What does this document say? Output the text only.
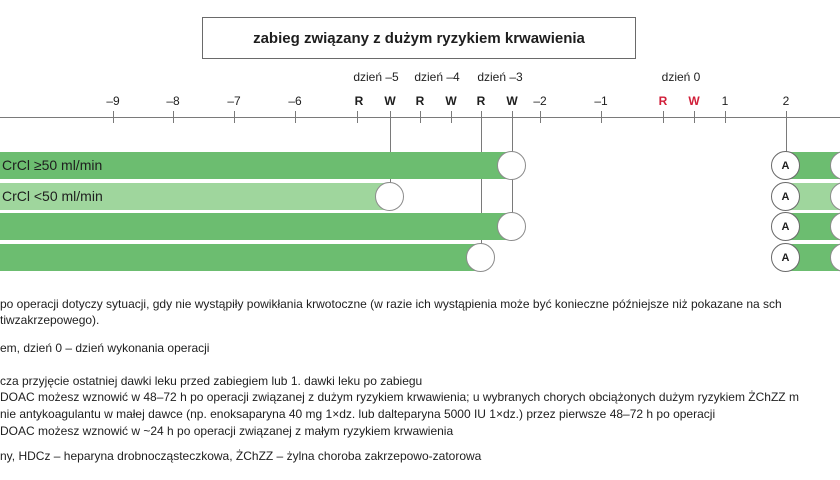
zabieg związany z dużym ryzykiem krwawienia
dzień –5 dzień –4 dzień –3	dzień 0
–9	–8	–7	–6	R W R W R W –2	–1	R W 1	2
CrCl ≥50 ml/min
CrCl <50 ml/min
A
A
A
A
po operacji dotyczy sytuacji, gdy nie wystąpiły powikłania krwotoczne (w razie ich wystąpienia może być konieczne późniejsze niż pokazane na sch
tiwzakrzepowego).
em, dzień 0 – dzień wykonania operacji
cza przyjęcie ostatniej dawki leku przed zabiegiem lub 1. dawki leku po zabiegu
DOAC możesz wznowić w 48–72 h po operacji związanej z dużym ryzykiem krwawienia; u wybranych chorych obciążonych dużym ryzykiem ŻChZZ m
nie antykoagulantu w małej dawce (np. enoksaparyna 40 mg 1×dz. lub dalteparyna 5000 IU 1×dz.) przez pierwsze 48–72 h po operacji
DOAC możesz wznowić w ~24 h po operacji związanej z małym ryzykiem krwawienia
ny, HDCz – heparyna drobnocząsteczkowa, ŻChZZ – żylna choroba zakrzepowo-zatorowa
